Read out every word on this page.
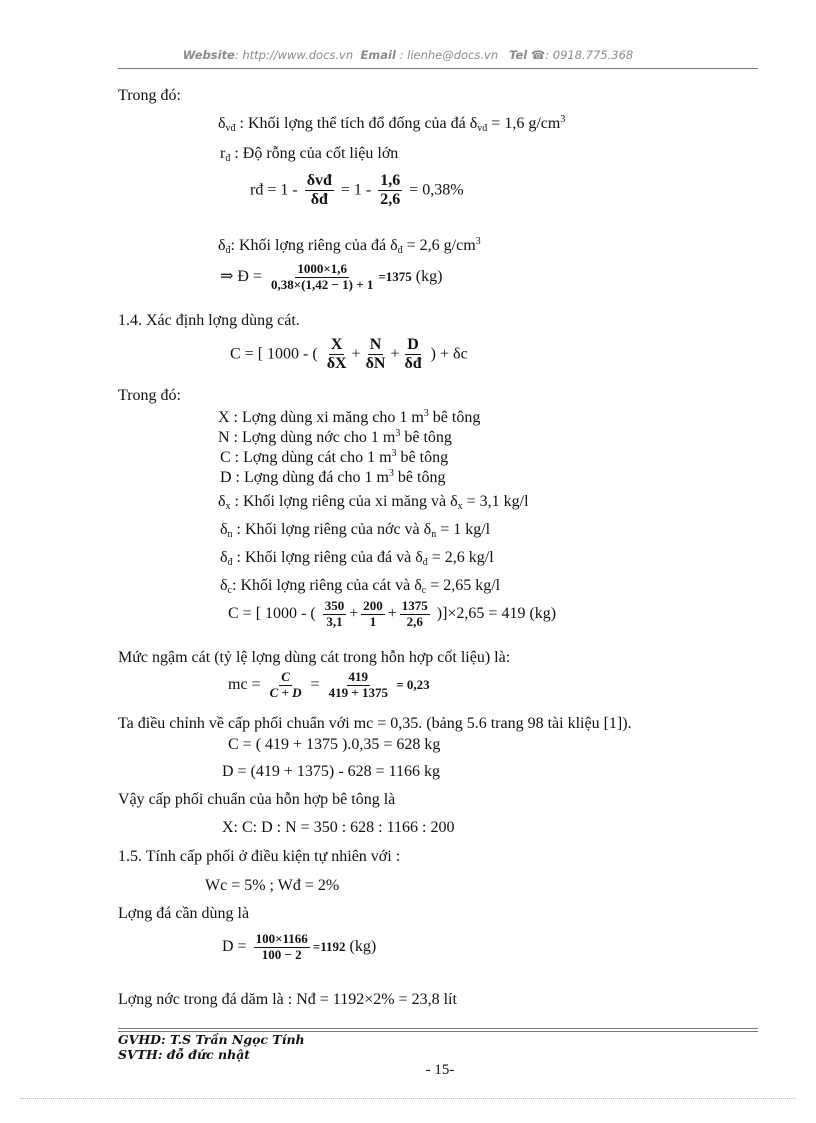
Website: http://www.docs.vn Email : lienhe@docs.vn Tel ☎: 0918.775.368
Trong đó:
$\delta_{vđ}$ : Khối lợng thể tích đổ đống của đá $\delta_{vđ} = 1,6$ $g/cm^3$
$r_đ$ : Độ rỗng của cốt liệu lớn
rđ = $1 - \frac{\text{δvđ}}{\delta đ} = 1 - \frac{1,6}{2,6} = 0,38\%$
$\delta_đ$: Khối lợng riêng của đá $\delta_đ = 2,6$ $g/cm^3$
⇒ Đ = $\frac{1000\times 1,6}{0,38\times(1,42 - 1) + 1} =1375$ (kg)
1.4. Xác định lợng dùng cát.
C = [ 1000 - ( $\frac{X}{\delta X} + \frac{N}{\delta N} + \frac{D}{\delta đ}$ ) + δc
Trong đó:
X : Lợng dùng xi măng cho 1 $m^3$ bê tông
N : Lợng dùng nớc cho 1 $m^3$ bê tông
C : Lợng dùng cát cho 1 $m^3$ bê tông
D : Lợng dùng đá cho 1 $m^3$ bê tông
$\delta_x$ : Khối lợng riêng của xi măng và $\delta_x = 3,1$ kg/l
$\delta_n$ : Khối lợng riêng của nớc và $\delta_n = 1$ kg/l
$\delta_đ$ : Khối lợng riêng của đá và $\delta_đ = 2,6$ kg/l
$\delta_c$: Khối lợng riêng của cát và $\delta_c = 2,65$ kg/l
C = [ 1000 - ( $\frac{350}{3,1} + \frac{200}{1} + \frac{1375}{2,6} )]\times 2,65 = 419$ (kg)
Mức ngậm cát (tỷ lệ lợng dùng cát trong hỗn hợp cốt liệu) là:
mc = $\frac{C}{C + D} = \frac{419}{419 + 1375} = 0,23$
Ta điều chỉnh về cấp phối chuẩn với mc = 0,35. (bảng 5.6 trang 98 tài kliệu [1]).
C = ( 419 + 1375 ).0,35 = 628 kg
D = (419 + 1375) - 628 = 1166 kg
Vậy cấp phối chuẩn của hỗn hợp bê tông là
X: C: D : N = 350 : 628 : 1166 : 200
1.5. Tính cấp phối ở điều kiện tự nhiên với :
Wc = 5% ; Wđ = 2%
Lợng đá cần dùng là
$D = \frac{100\times 1166}{100 - 2} =1192$ (kg)
Lợng nớc trong đá dăm là : Nđ = 1192×2% = 23,8 lít
GVHD: T.S Trần Ngọc Tính
SVTH: đỗ đức nhật
- 15-
